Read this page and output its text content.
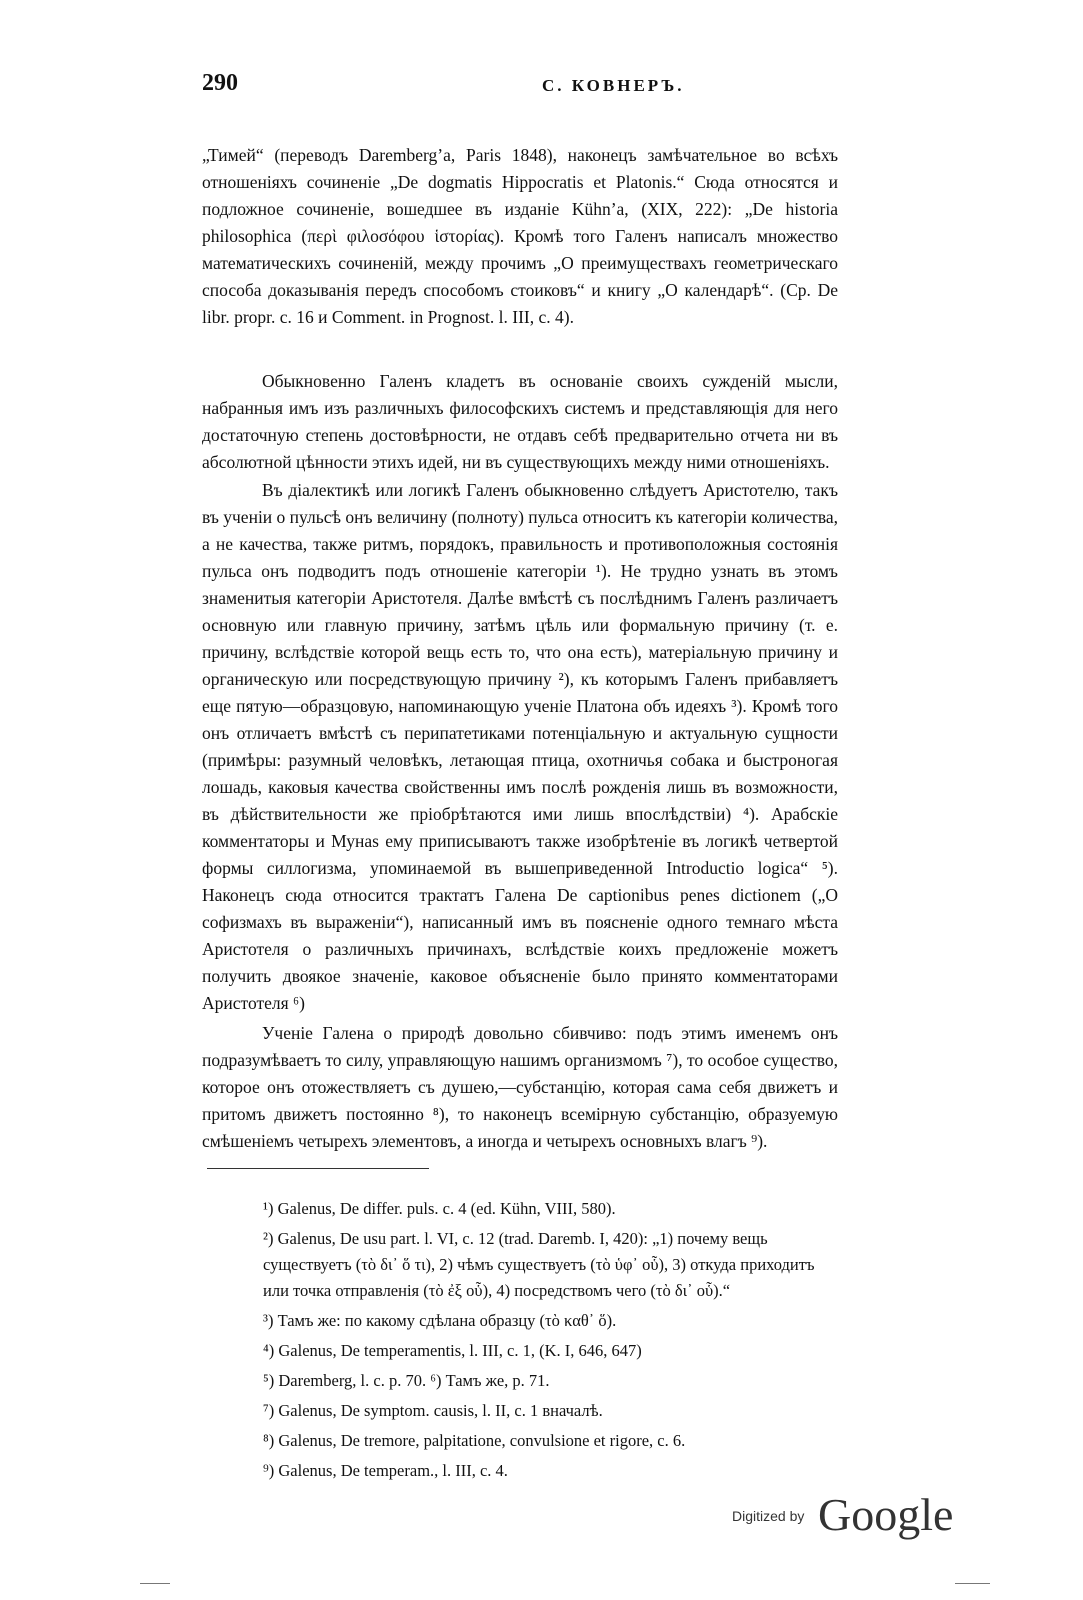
290	С. КОВНЕРЪ.

„Тимей“ (переводъ Daremberg’a, Paris 1848), наконецъ замѣчательное во всѣхъ отношеніяхъ сочиненіе „De dogmatis Hippocratis et Platonis.“ Сюда относятся и подложное сочиненіе, вошедшее въ изданіе Kühn’a, (XIX, 222): „De historia philosophica (περὶ φιλοσόφου ἱστορίας). Кромѣ того Галенъ написалъ множество математическихъ сочиненій, между прочимъ „О преимуществахъ геометрическаго способа доказыванія передъ способомъ стоиковъ“ и книгу „О календарѣ“. (Ср. De libr. propr. c. 16 и Comment. in Prognost. l. III, c. 4).

Обыкновенно Галенъ кладетъ въ основаніе своихъ сужденій мысли, набранныя имъ изъ различныхъ философскихъ системъ и представляющія для него достаточную степень достовѣрности, не отдавъ себѣ предварительно отчета ни въ абсолютной цѣнности этихъ идей, ни въ существующихъ между ними отношеніяхъ.

Въ діалектикѣ или логикѣ Галенъ обыкновенно слѣдуетъ Аристотелю, такъ въ ученіи о пульсѣ онъ величину (полноту) пульса относитъ къ категоріи количества, а не качества, также ритмъ, порядокъ, правильность и противоположныя состоянія пульса онъ подводитъ подъ отношеніе категоріи ¹). Не трудно узнать въ этомъ знаменитыя категоріи Аристотеля. Далѣе вмѣстѣ съ послѣднимъ Галенъ различаетъ основную или главную причину, затѣмъ цѣль или формальную причину (т. е. причину, вслѣдствіе которой вещь есть то, что она есть), матеріальную причину и органическую или посредствующую причину ²), къ которымъ Галенъ прибавляетъ еще пятую—образцовую, напоминающую ученіе Платона объ идеяхъ ³). Кромѣ того онъ отличаетъ вмѣстѣ съ перипатетиками потенціальную и актуальную сущности (примѣры: разумный человѣкъ, летающая птица, охотничья собака и быстроногая лошадь, каковыя качества свойственны имъ послѣ рожденія лишь въ возможности, въ дѣйствительности же пріобрѣтаются ими лишь впослѣдствіи) ⁴). Арабскіе комментаторы и Мунаs ему приписываютъ также изобрѣтеніе въ логикѣ четвертой формы силлогизма, упоминаемой въ вышеприведенной Introductio logica“ ⁵). Наконецъ сюда относится трактатъ Галена De captionibus penes dictionem („О софизмахъ въ выраженіи“), написанный имъ въ поясненіе одного темнаго мѣста Аристотеля о различныхъ причинахъ, вслѣдствіе коихъ предложеніе можетъ получить двоякое значеніе, каковое объясненіе было принято комментаторами Аристотеля ⁶)

Ученіе Галена о природѣ довольно сбивчиво: подъ этимъ именемъ онъ подразумѣваетъ то силу, управляющую нашимъ организмомъ ⁷), то особое существо, которое онъ отожествляетъ съ душею,—субстанцію, которая сама себя движетъ и притомъ движетъ постоянно ⁸), то наконецъ всемірную субстанцію, образуемую смѣшеніемъ четырехъ элементовъ, а иногда и четырехъ основныхъ влагъ ⁹).

¹) Galenus, De differ. puls. c. 4 (ed. Kühn, VIII, 580).

²) Galenus, De usu part. l. VI, c. 12 (trad. Daremb. I, 420): „1) почему вещь существуетъ (τὸ δι᾽ ὅ τι), 2) чѣмъ существуетъ (τὸ ὑφ᾽ οὗ), 3) откуда приходитъ или точка отправленія (τὸ ἐξ οὗ), 4) посредствомъ чего (τὸ δι᾽ οὗ).“

³) Тамъ же: по какому сдѣлана образцу (τὸ καθ᾽ ὅ).

⁴) Galenus, De temperamentis, l. III, c. 1, (K. I, 646, 647)

⁵) Daremberg, l. c. p. 70. ⁶) Тамъ же, p. 71.

⁷) Galenus, De symptom. causis, l. II, c. 1 вначалѣ.

⁸) Galenus, De tremore, palpitatione, convulsione et rigore, c. 6.

⁹) Galenus, De temperam., l. III, c. 4.

Digitized by Google
